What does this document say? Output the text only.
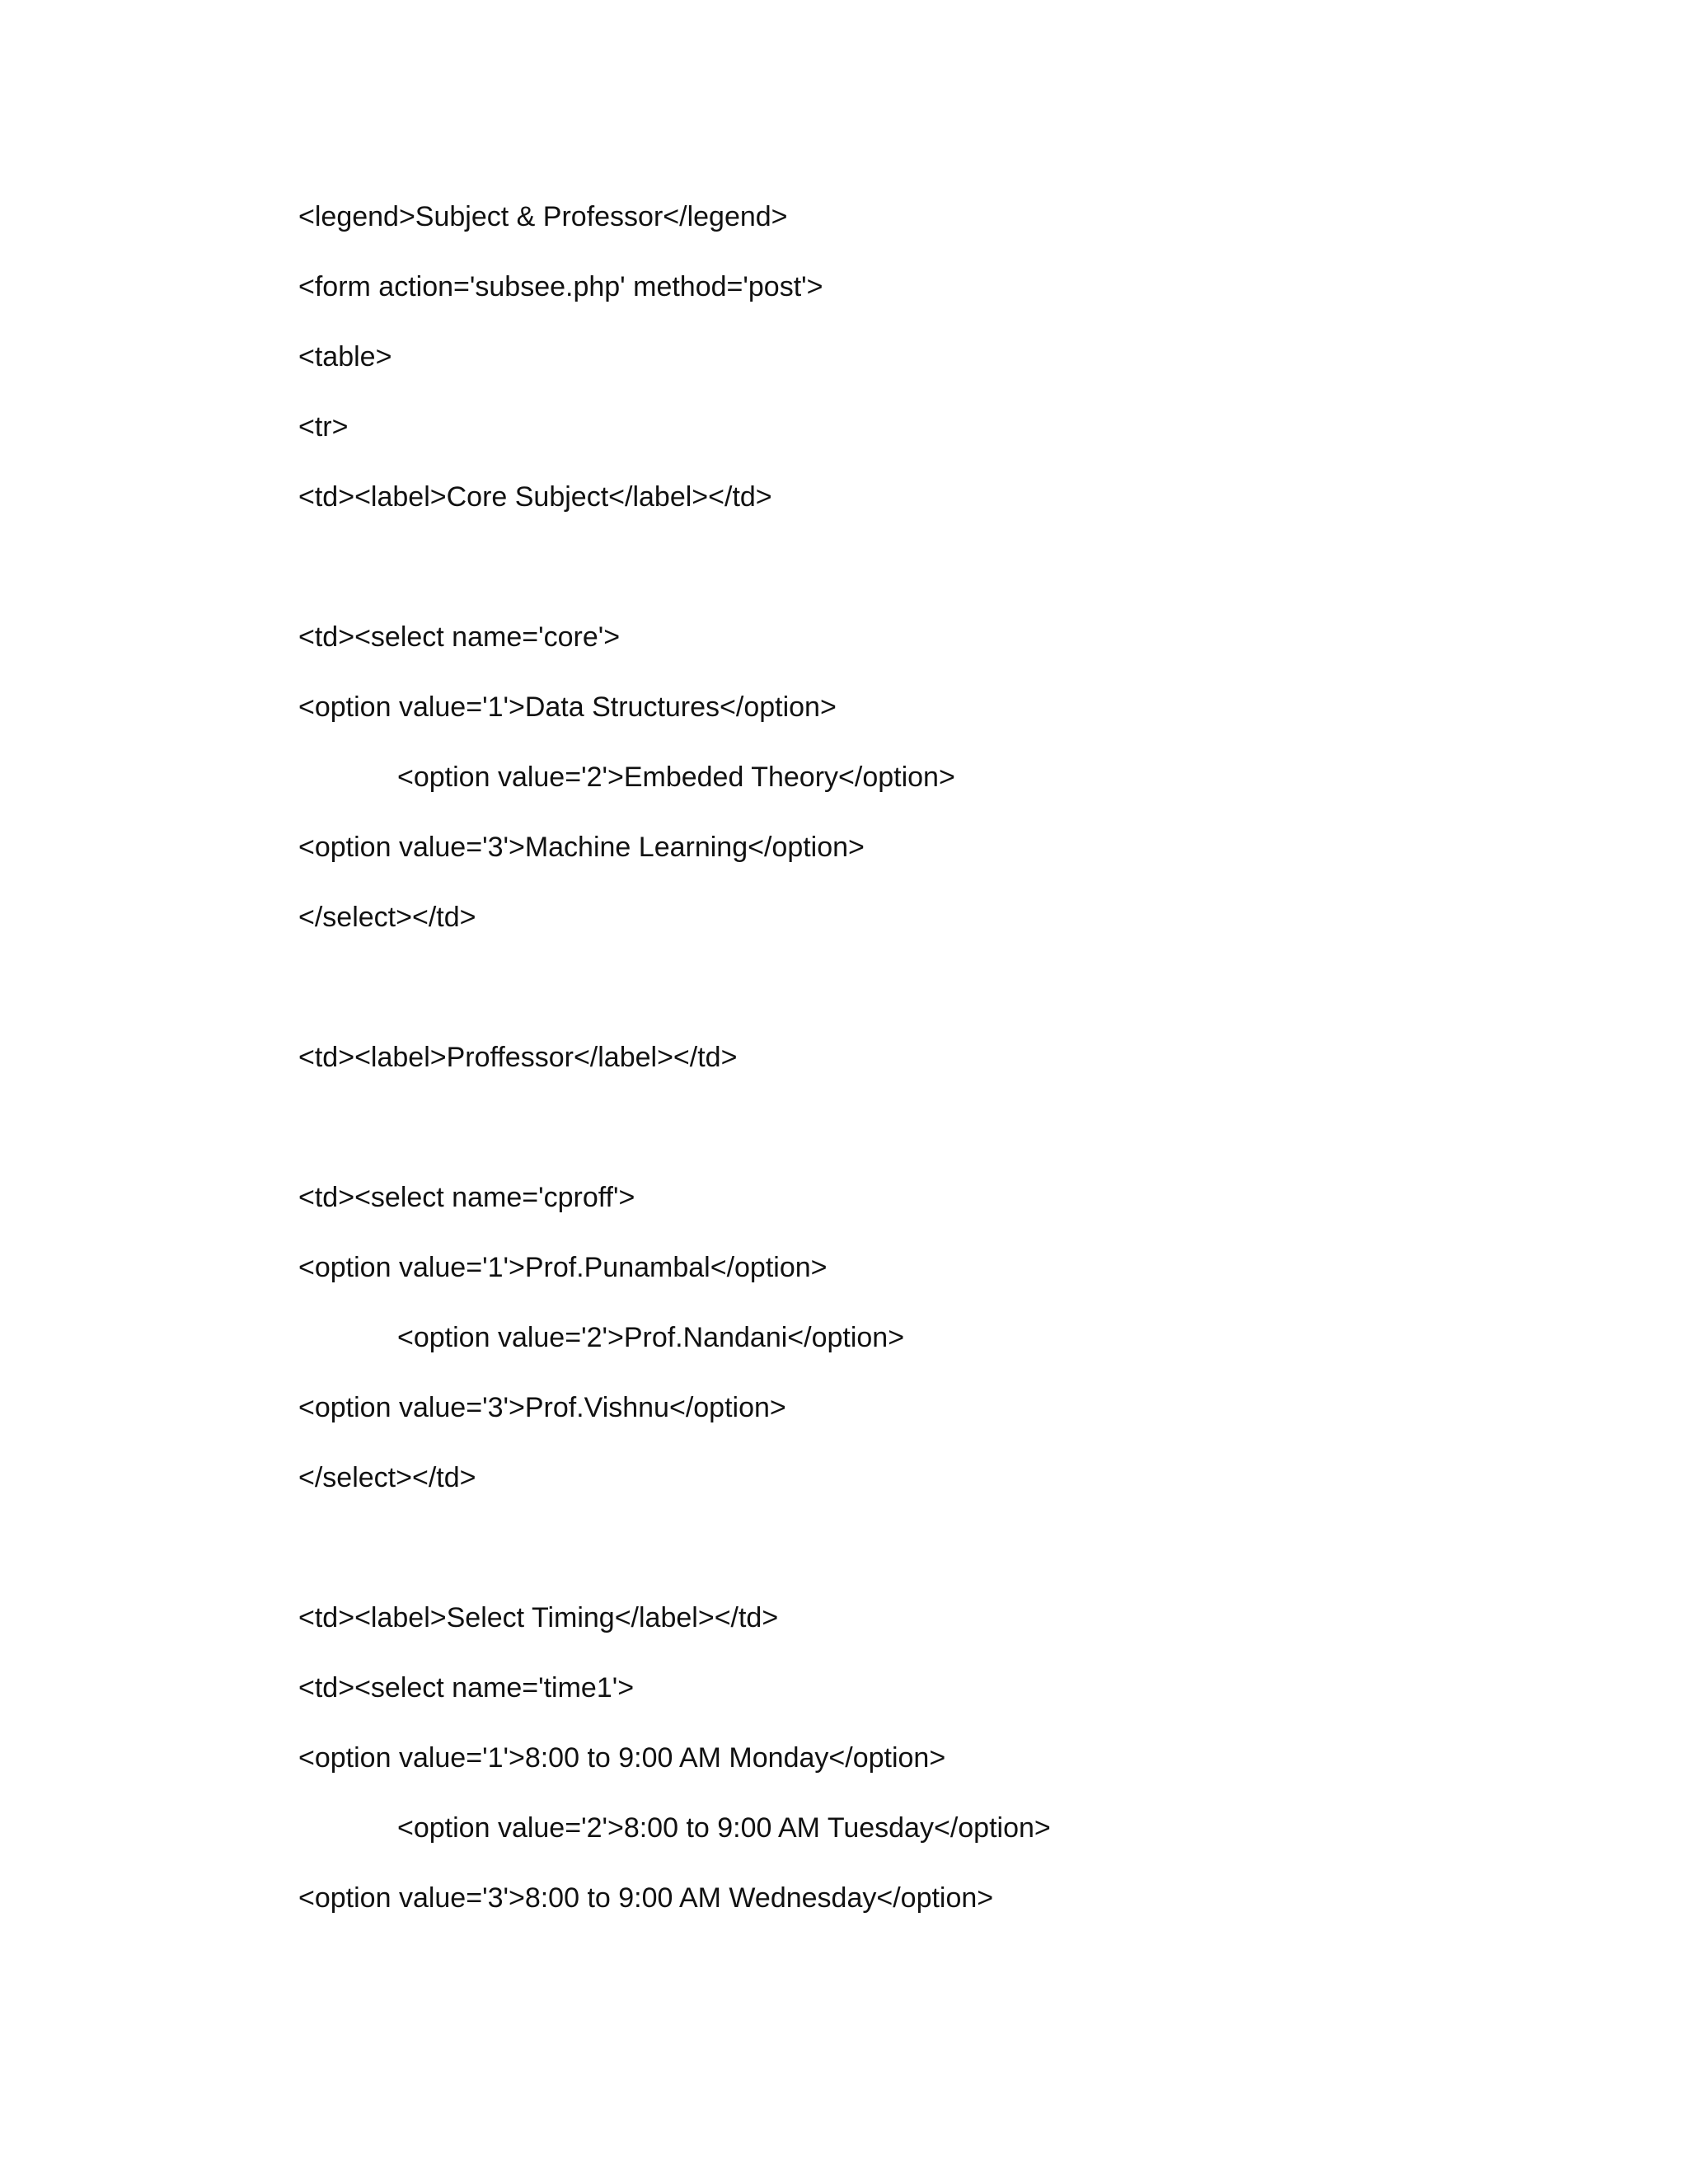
<legend>Subject & Professor</legend>
<form action='subsee.php' method='post'>
<table>
<tr>
<td><label>Core Subject</label></td>
<td><select name='core'>
<option value='1'>Data Structures</option>
<option value='2'>Embeded Theory</option>
<option value='3'>Machine Learning</option>
</select></td>
<td><label>Proffessor</label></td>
<td><select name='cproff'>
<option value='1'>Prof.Punambal</option>
<option value='2'>Prof.Nandani</option>
<option value='3'>Prof.Vishnu</option>
</select></td>
<td><label>Select Timing</label></td>
<td><select name='time1'>
<option value='1'>8:00 to 9:00 AM Monday</option>
<option value='2'>8:00 to 9:00 AM Tuesday</option>
<option value='3'>8:00 to 9:00 AM Wednesday</option>
